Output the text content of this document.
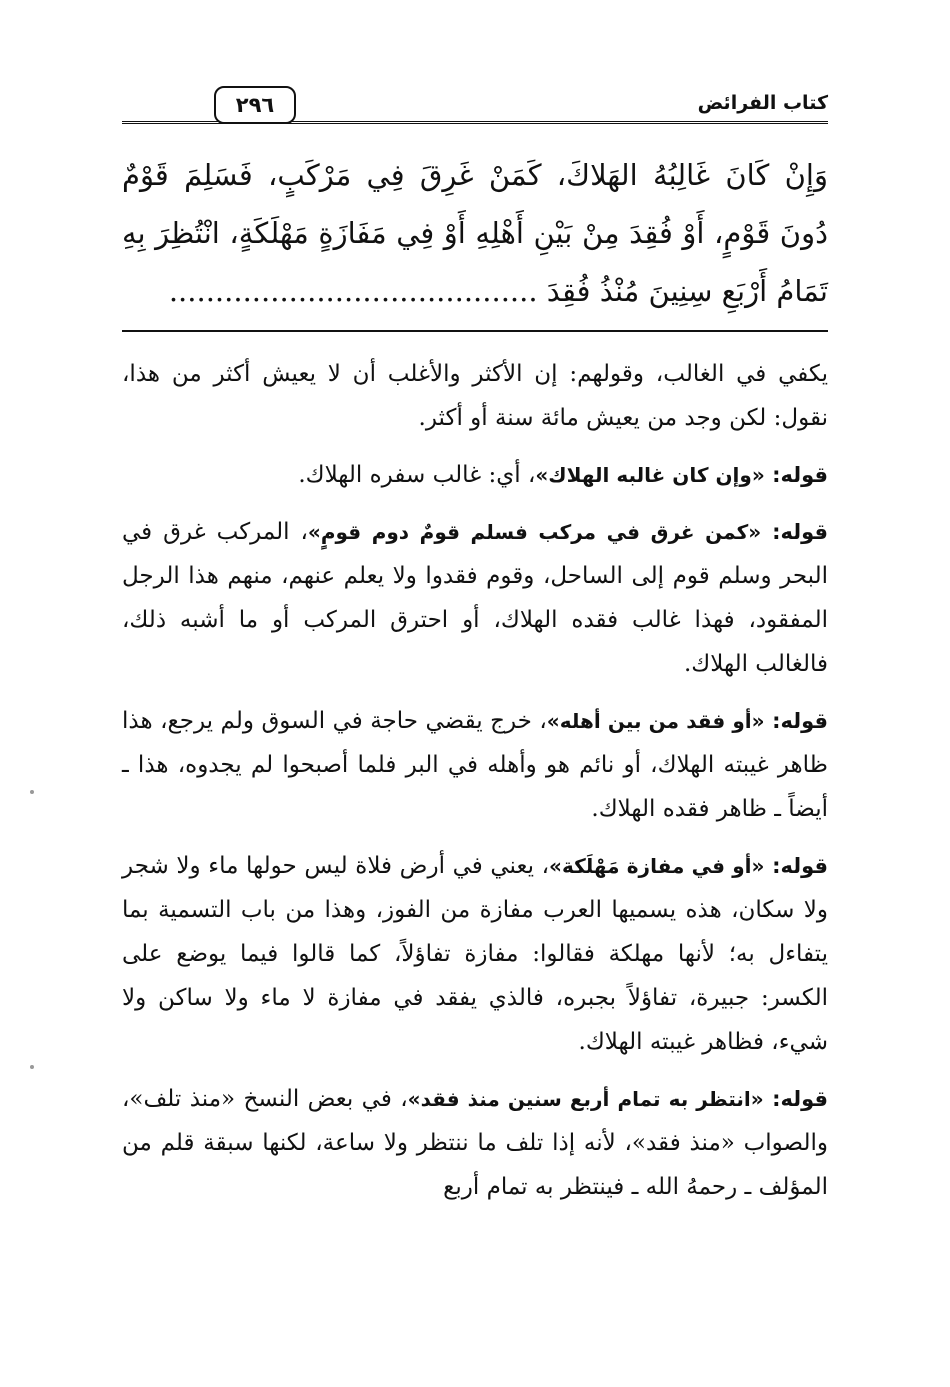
٢٩٦	كتاب الفرائض

وَإِنْ كَانَ غَالِبُهُ الهَلاكَ، كَمَنْ غَرِقَ فِي مَرْكَبٍ، فَسَلِمَ قَوْمٌ دُونَ قَوْمٍ، أَوْ فُقِدَ مِنْ بَيْنِ أَهْلِهِ أَوْ فِي مَفَازَةٍ مَهْلَكَةٍ، انْتُظِرَ بِهِ تَمَامُ أَرْبَعِ سِنِينَ مُنْذُ فُقِدَ ........................................

يكفي في الغالب، وقولهم: إن الأكثر والأغلب أن لا يعيش أكثر من هذا، نقول: لكن وجد من يعيش مائة سنة أو أكثر.

قوله: «وإن كان غالبه الهلاك»، أي: غالب سفره الهلاك.

قوله: «كمن غرق في مركب فسلم قومٌ دوم قومٍ»، المركب غرق في البحر وسلم قوم إلى الساحل، وقوم فقدوا ولا يعلم عنهم، منهم هذا الرجل المفقود، فهذا غالب فقده الهلاك، أو احترق المركب أو ما أشبه ذلك، فالغالب الهلاك.

قوله: «أو فقد من بين أهله»، خرج يقضي حاجة في السوق ولم يرجع، هذا ظاهر غيبته الهلاك، أو نائم هو وأهله في البر فلما أصبحوا لم يجدوه، هذا ـ أيضاً ـ ظاهر فقده الهلاك.

قوله: «أو في مفازة مَهْلَكة»، يعني في أرض فلاة ليس حولها ماء ولا شجر ولا سكان، هذه يسميها العرب مفازة من الفوز، وهذا من باب التسمية بما يتفاءل به؛ لأنها مهلكة فقالوا: مفازة تفاؤلاً، كما قالوا فيما يوضع على الكسر: جبيرة، تفاؤلاً بجبره، فالذي يفقد في مفازة لا ماء ولا ساكن ولا شيء، فظاهر غيبته الهلاك.

قوله: «انتظر به تمام أربع سنين منذ فقد»، في بعض النسخ «منذ تلف»، والصواب «منذ فقد»، لأنه إذا تلف ما ننتظر ولا ساعة، لكنها سبقة قلم من المؤلف ـ رحمهُ الله ـ فينتظر به تمام أربع
